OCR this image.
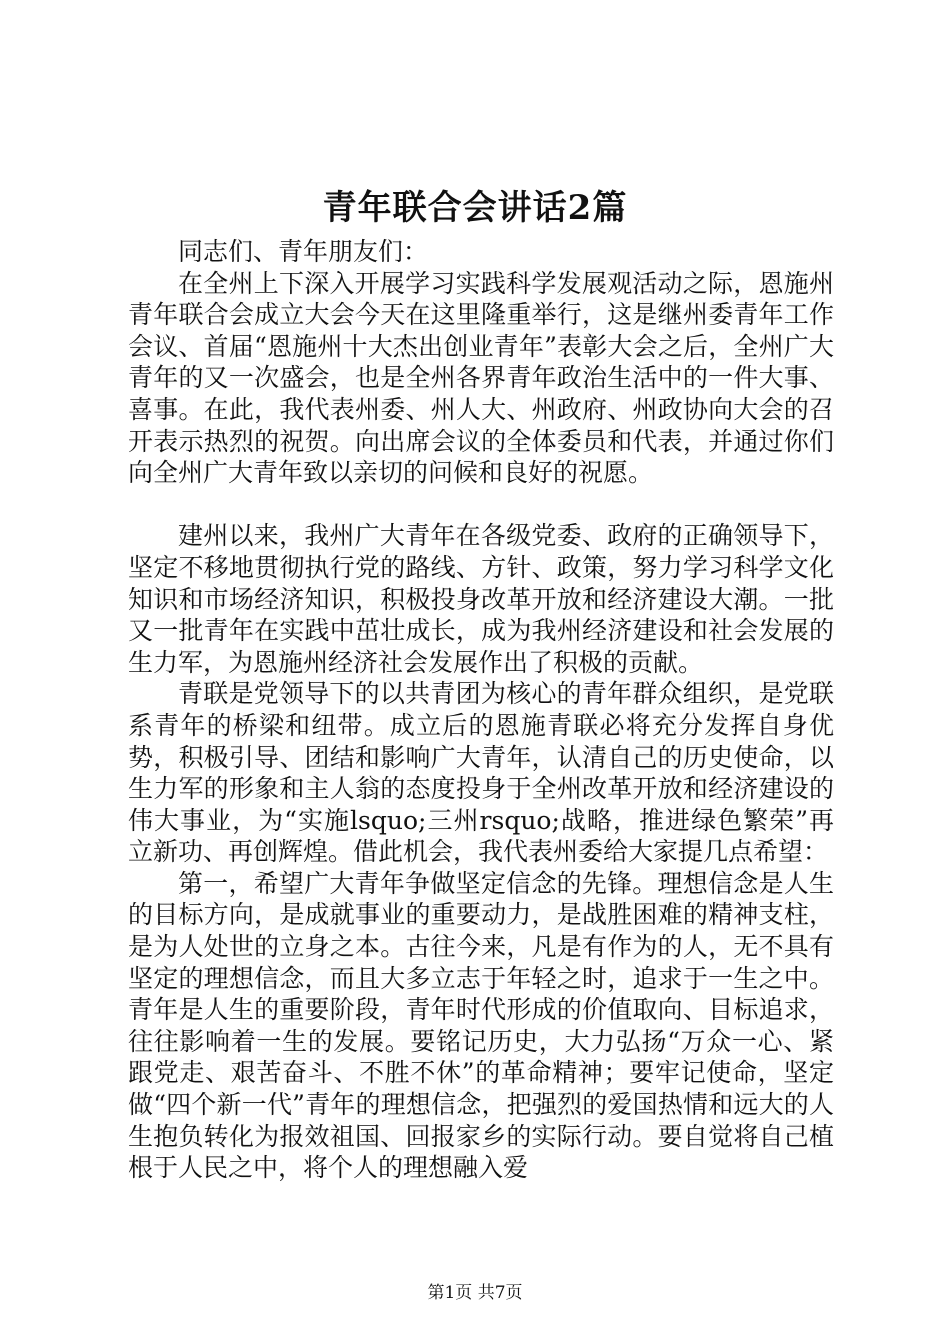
青年联合会讲话2篇

同志们、青年朋友们：

在全州上下深入开展学习实践科学发展观活动之际，恩施州青年联合会成立大会今天在这里隆重举行，这是继州委青年工作会议、首届“恩施州十大杰出创业青年”表彰大会之后，全州广大青年的又一次盛会，也是全州各界青年政治生活中的一件大事、喜事。在此，我代表州委、州人大、州政府、州政协向大会的召开表示热烈的祝贺。向出席会议的全体委员和代表，并通过你们向全州广大青年致以亲切的问候和良好的祝愿。

建州以来，我州广大青年在各级党委、政府的正确领导下，坚定不移地贯彻执行党的路线、方针、政策，努力学习科学文化知识和市场经济知识，积极投身改革开放和经济建设大潮。一批又一批青年在实践中茁壮成长，成为我州经济建设和社会发展的生力军，为恩施州经济社会发展作出了积极的贡献。

青联是党领导下的以共青团为核心的青年群众组织，是党联系青年的桥梁和纽带。成立后的恩施青联必将充分发挥自身优势，积极引导、团结和影响广大青年，认清自己的历史使命，以生力军的形象和主人翁的态度投身于全州改革开放和经济建设的伟大事业，为“实施lsquo;三州rsquo;战略，推进绿色繁荣”再立新功、再创辉煌。借此机会，我代表州委给大家提几点希望：

第一，希望广大青年争做坚定信念的先锋。理想信念是人生的目标方向，是成就事业的重要动力，是战胜困难的精神支柱，是为人处世的立身之本。古往今来，凡是有作为的人，无不具有坚定的理想信念，而且大多立志于年轻之时，追求于一生之中。青年是人生的重要阶段，青年时代形成的价值取向、目标追求，往往影响着一生的发展。要铭记历史，大力弘扬“万众一心、紧跟党走、艰苦奋斗、不胜不休”的革命精神；要牢记使命，坚定做“四个新一代”青年的理想信念，把强烈的爱国热情和远大的人生抱负转化为报效祖国、回报家乡的实际行动。要自觉将自己植根于人民之中，将个人的理想融入爱

第1页 共7页
